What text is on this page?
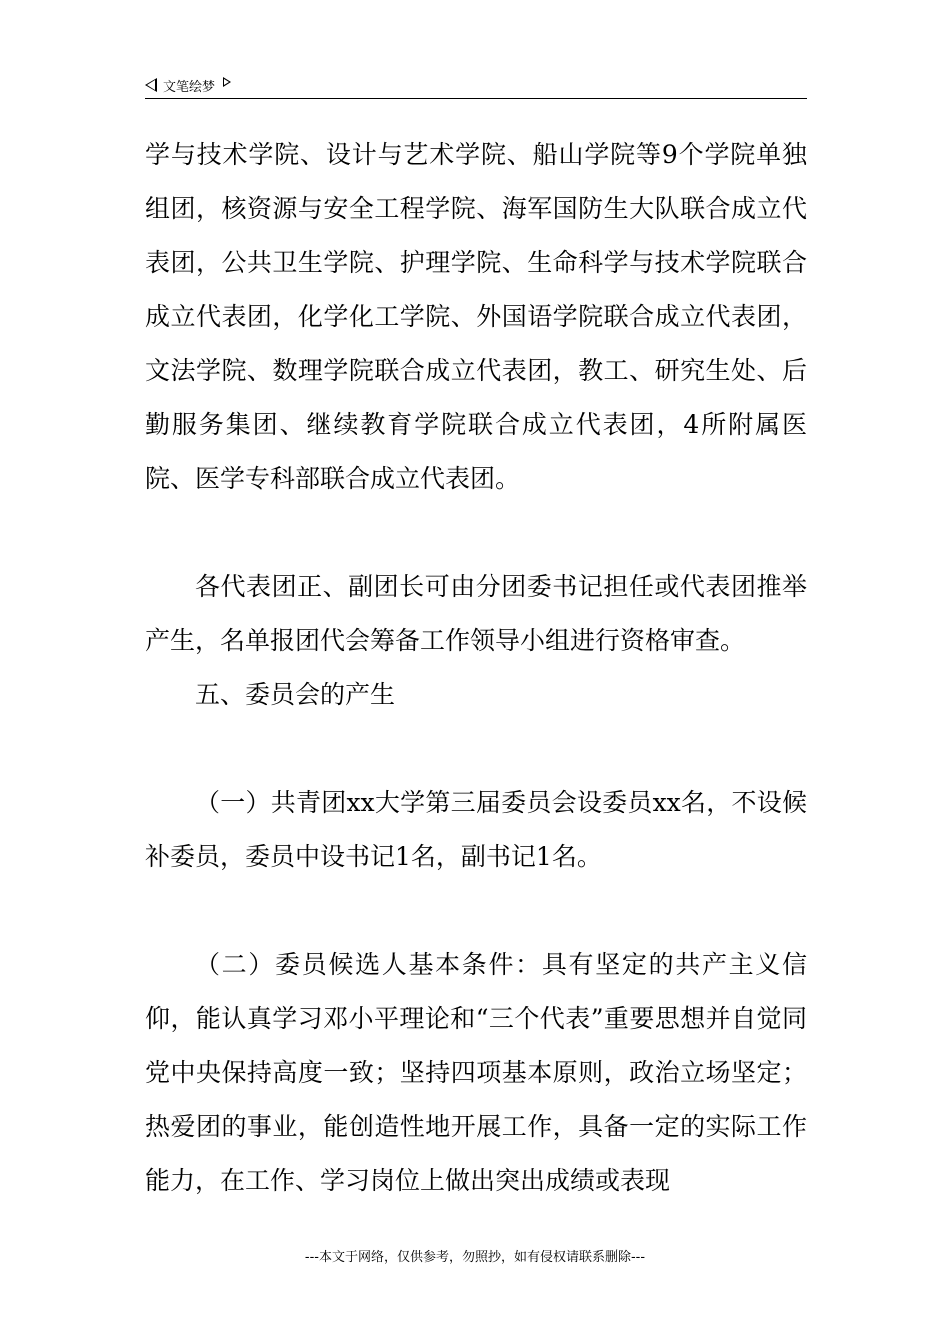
文笔绘梦

学与技术学院、设计与艺术学院、船山学院等9个学院单独组团，核资源与安全工程学院、海军国防生大队联合成立代表团，公共卫生学院、护理学院、生命科学与技术学院联合成立代表团，化学化工学院、外国语学院联合成立代表团，文法学院、数理学院联合成立代表团，教工、研究生处、后勤服务集团、继续教育学院联合成立代表团，4所附属医院、医学专科部联合成立代表团。

各代表团正、副团长可由分团委书记担任或代表团推举产生，名单报团代会筹备工作领导小组进行资格审查。

五、委员会的产生

（一）共青团xx大学第三届委员会设委员xx名，不设候补委员，委员中设书记1名，副书记1名。

（二）委员候选人基本条件：具有坚定的共产主义信仰，能认真学习邓小平理论和“三个代表”重要思想并自觉同党中央保持高度一致；坚持四项基本原则，政治立场坚定；热爱团的事业，能创造性地开展工作，具备一定的实际工作能力，在工作、学习岗位上做出突出成绩或表现

---本文于网络，仅供参考，勿照抄，如有侵权请联系删除---
